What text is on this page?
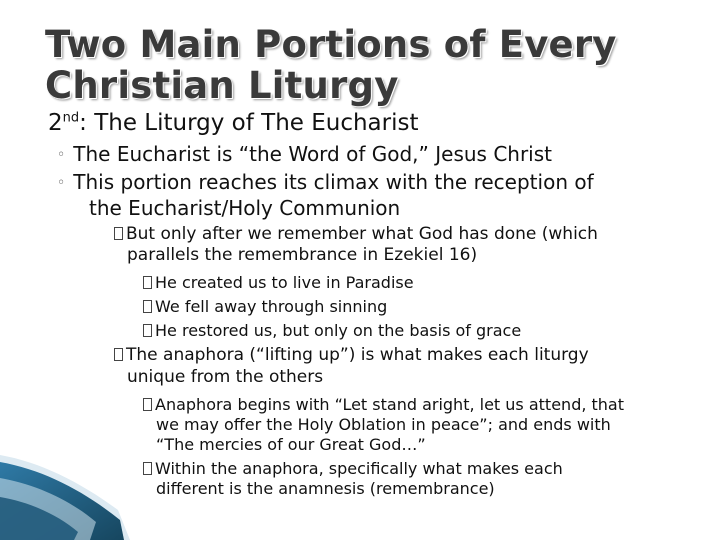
Two Main Portions of Every
Christian Liturgy
2nd: The Liturgy of The Eucharist
◦ The Eucharist is “the Word of God,” Jesus Christ
◦ This portion reaches its climax with the reception of
the Eucharist/Holy Communion
But only after we remember what God has done (which
parallels the remembrance in Ezekiel 16)
He created us to live in Paradise
We fell away through sinning
He restored us, but only on the basis of grace
The anaphora (“lifting up”) is what makes each liturgy
unique from the others
Anaphora begins with “Let stand aright, let us attend, that
we may offer the Holy Oblation in peace”; and ends with
“The mercies of our Great God…”
Within the anaphora, specifically what makes each
different is the anamnesis (remembrance)
